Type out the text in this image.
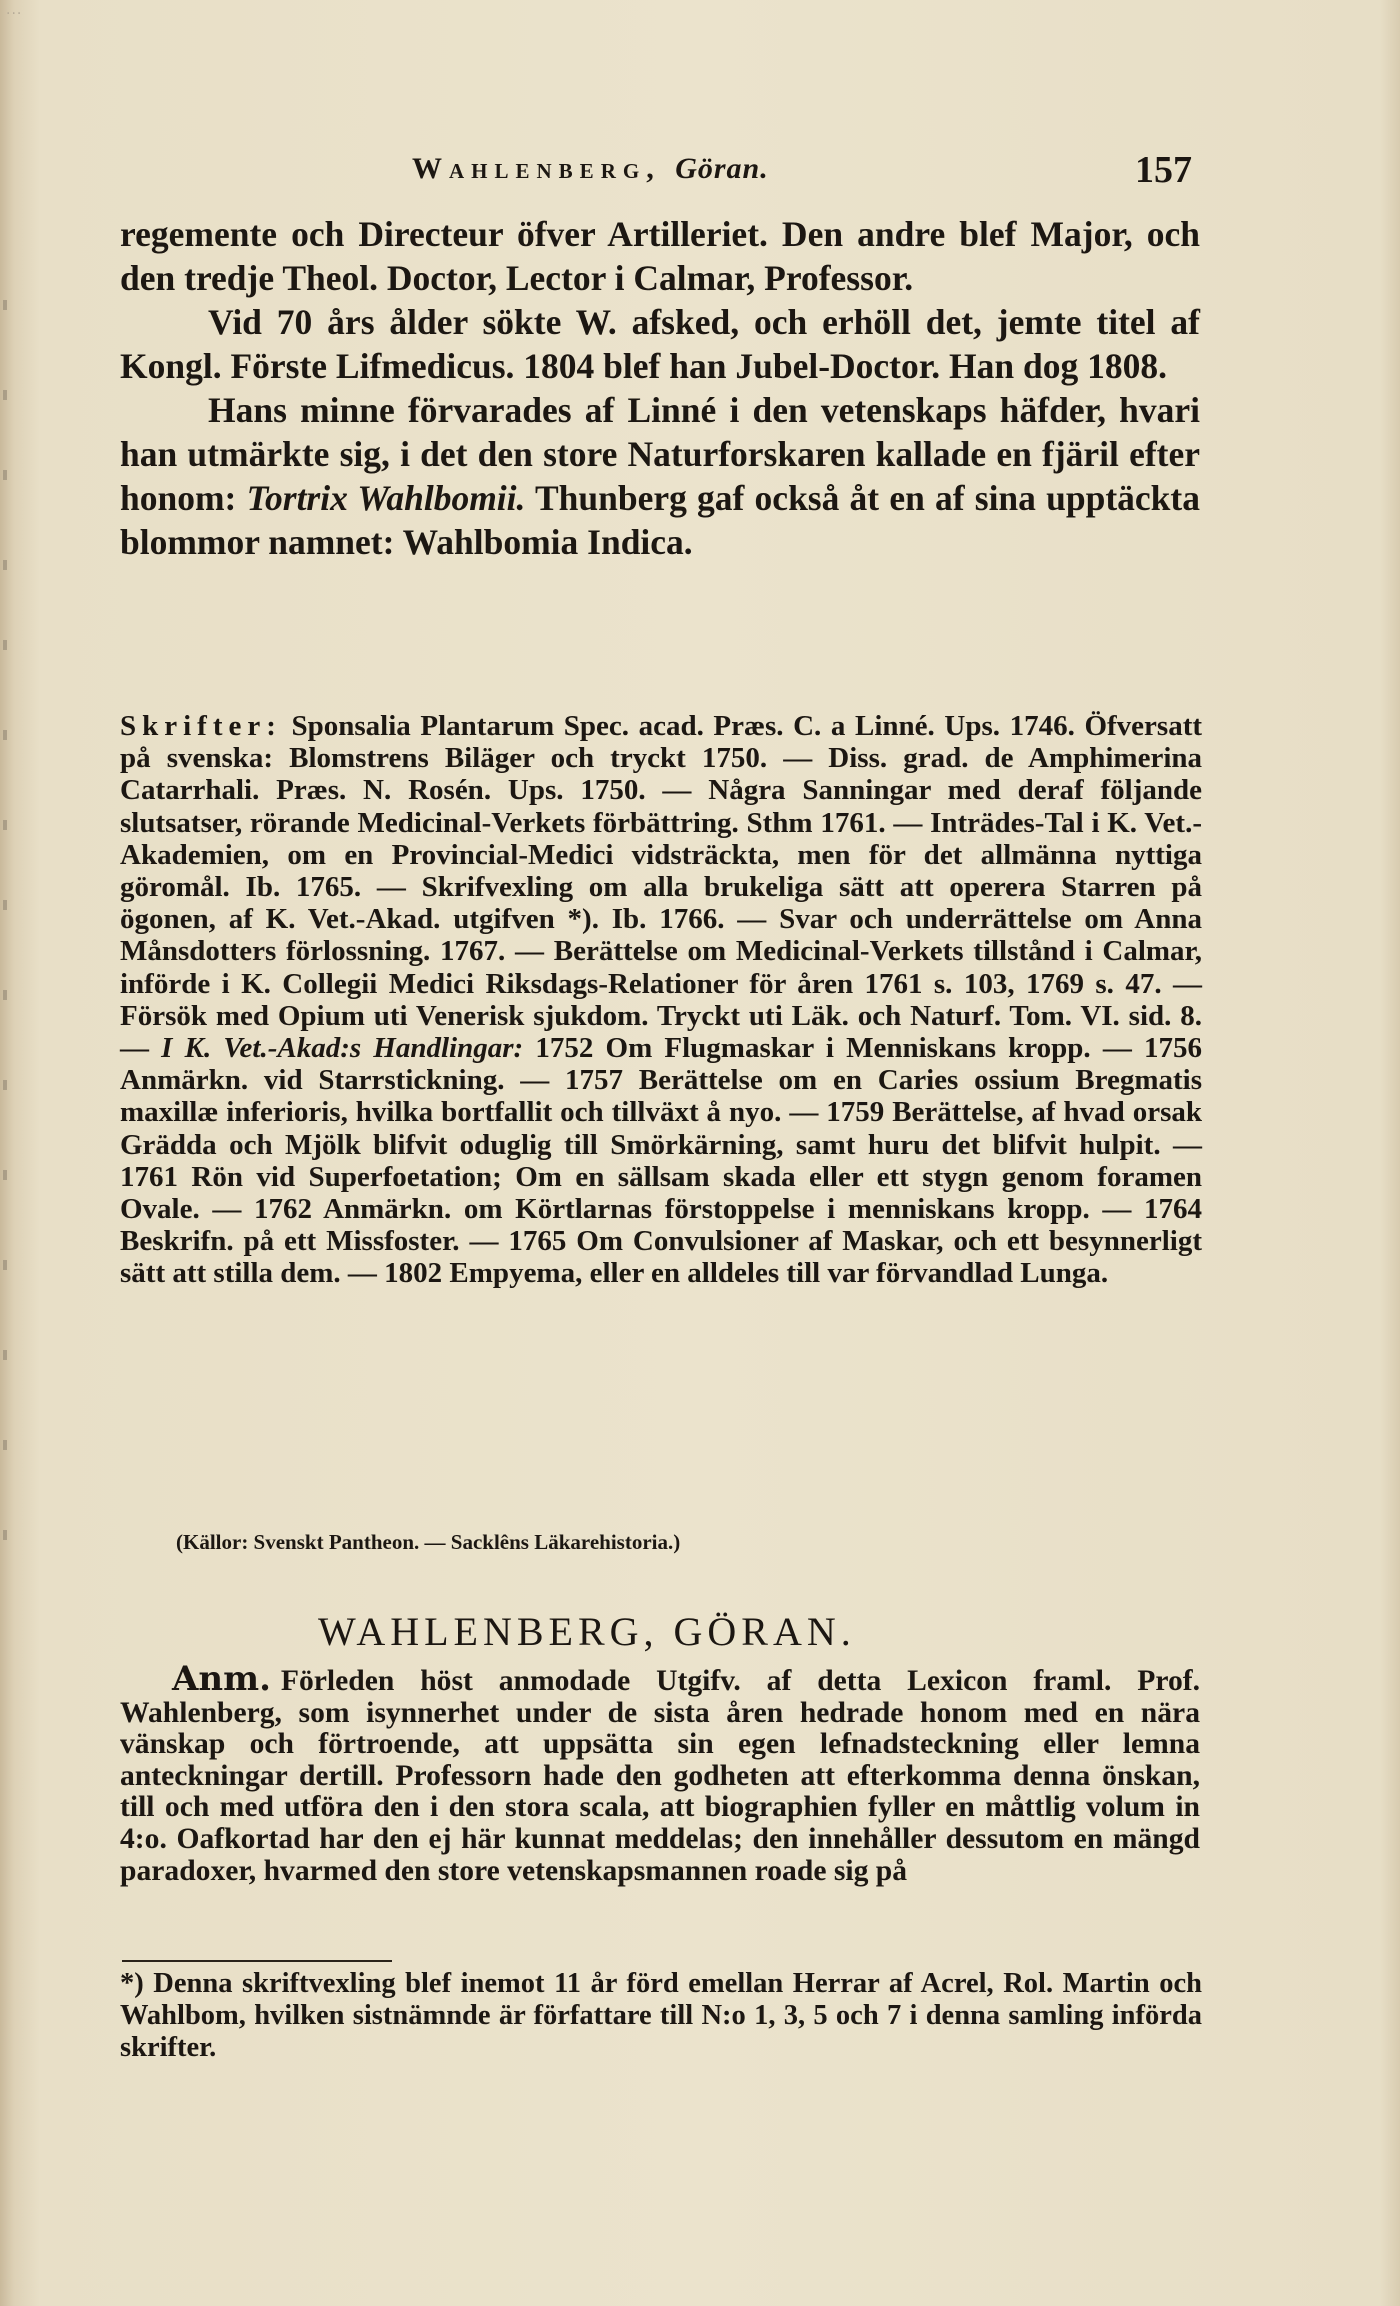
...
Wahlenberg, Göran.	157

regemente och Directeur öfver Artilleriet. Den andre blef Major, och den tredje Theol. Doctor, Lector i Calmar, Professor.

Vid 70 års ålder sökte W. afsked, och erhöll det, jemte titel af Kongl. Förste Lifmedicus. 1804 blef han Jubel-Doctor. Han dog 1808.

Hans minne förvarades af Linné i den vetenskaps häfder, hvari han utmärkte sig, i det den store Naturforskaren kallade en fjäril efter honom: Tortrix Wahlbomii. Thunberg gaf också åt en af sina upptäckta blommor namnet: Wahlbomia Indica.

Skrifter: Sponsalia Plantarum Spec. acad. Præs. C. a Linné. Ups. 1746. Öfversatt på svenska: Blomstrens Biläger och tryckt 1750. — Diss. grad. de Amphimerina Catarrhali. Præs. N. Rosén. Ups. 1750. — Några Sanningar med deraf följande slutsatser, rörande Medicinal-Verkets förbättring. Sthm 1761. — Inträdes-Tal i K. Vet.-Akademien, om en Provincial-Medici vidsträckta, men för det allmänna nyttiga göromål. Ib. 1765. — Skrifvexling om alla brukeliga sätt att operera Starren på ögonen, af K. Vet.-Akad. utgifven *). Ib. 1766. — Svar och underrättelse om Anna Månsdotters förlossning. 1767. — Berättelse om Medicinal-Verkets tillstånd i Calmar, införde i K. Collegii Medici Riksdags-Relationer för åren 1761 s. 103, 1769 s. 47. — Försök med Opium uti Venerisk sjukdom. Tryckt uti Läk. och Naturf. Tom. VI. sid. 8. — I K. Vet.-Akad:s Handlingar: 1752 Om Flugmaskar i Menniskans kropp. — 1756 Anmärkn. vid Starrstickning. — 1757 Berättelse om en Caries ossium Bregmatis maxillæ inferioris, hvilka bortfallit och tillväxt å nyo. — 1759 Berättelse, af hvad orsak Grädda och Mjölk blifvit oduglig till Smörkärning, samt huru det blifvit hulpit. — 1761 Rön vid Superfoetation; Om en sällsam skada eller ett stygn genom foramen Ovale. — 1762 Anmärkn. om Körtlarnas förstoppelse i menniskans kropp. — 1764 Beskrifn. på ett Missfoster. — 1765 Om Convulsioner af Maskar, och ett besynnerligt sätt att stilla dem. — 1802 Empyema, eller en alldeles till var förvandlad Lunga.
(Källor: Svenskt Pantheon. — Sacklêns Läkarehistoria.)
WAHLENBERG, GÖRAN.
Anm. Förleden höst anmodade Utgifv. af detta Lexicon framl. Prof. Wahlenberg, som isynnerhet under de sista åren hedrade honom med en nära vänskap och förtroende, att uppsätta sin egen lefnadsteckning eller lemna anteckningar dertill. Professorn hade den godheten att efterkomma denna önskan, till och med utföra den i den stora scala, att biographien fyller en måttlig volum in 4:o. Oafkortad har den ej här kunnat meddelas; den innehåller dessutom en mängd paradoxer, hvarmed den store vetenskapsmannen roade sig på
*) Denna skriftvexling blef inemot 11 år förd emellan Herrar af Acrel, Rol. Martin och Wahlbom, hvilken sistnämnde är författare till N:o 1, 3, 5 och 7 i denna samling införda skrifter.
